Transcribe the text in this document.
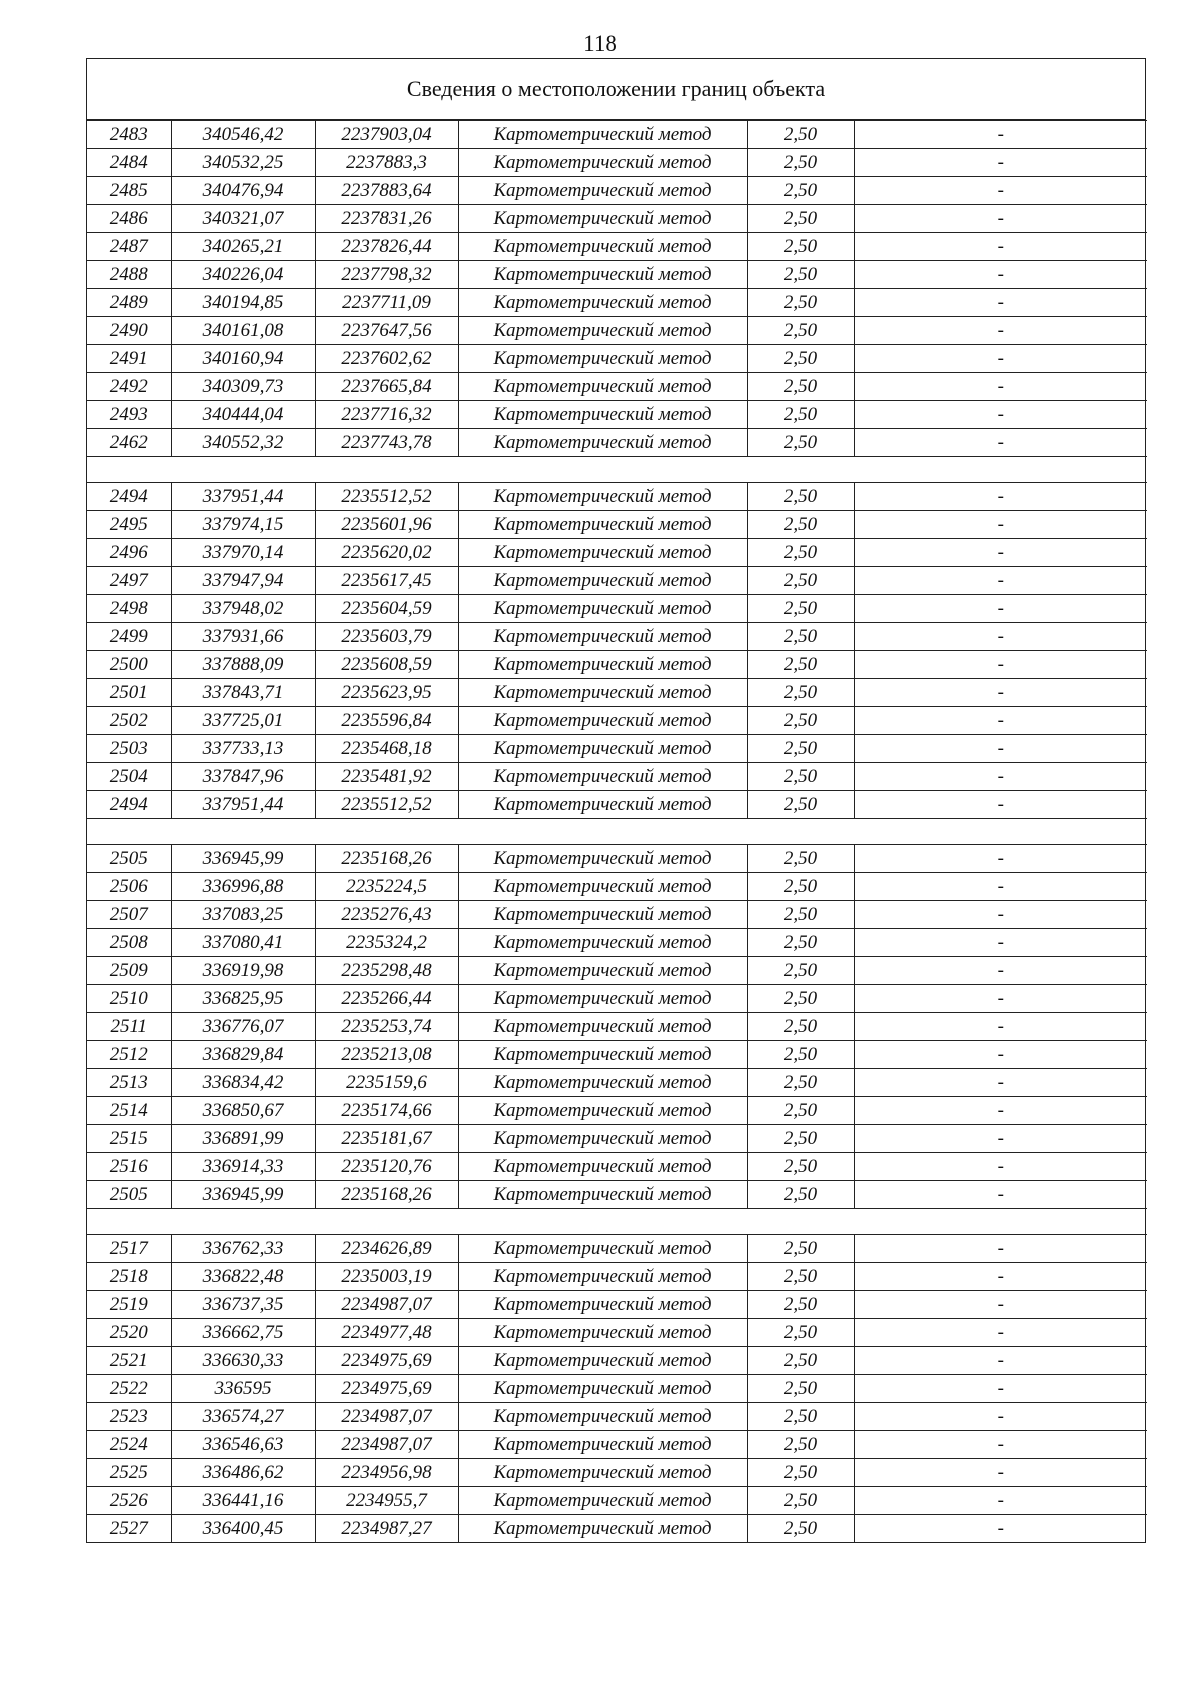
118
Сведения о местоположении границ объекта
2483	340546,42	2237903,04	Картометрический метод	2,50	-
2484	340532,25	2237883,3	Картометрический метод	2,50	-
2485	340476,94	2237883,64	Картометрический метод	2,50	-
2486	340321,07	2237831,26	Картометрический метод	2,50	-
2487	340265,21	2237826,44	Картометрический метод	2,50	-
2488	340226,04	2237798,32	Картометрический метод	2,50	-
2489	340194,85	2237711,09	Картометрический метод	2,50	-
2490	340161,08	2237647,56	Картометрический метод	2,50	-
2491	340160,94	2237602,62	Картометрический метод	2,50	-
2492	340309,73	2237665,84	Картометрический метод	2,50	-
2493	340444,04	2237716,32	Картометрический метод	2,50	-
2462	340552,32	2237743,78	Картометрический метод	2,50	-

2494	337951,44	2235512,52	Картометрический метод	2,50	-
2495	337974,15	2235601,96	Картометрический метод	2,50	-
2496	337970,14	2235620,02	Картометрический метод	2,50	-
2497	337947,94	2235617,45	Картометрический метод	2,50	-
2498	337948,02	2235604,59	Картометрический метод	2,50	-
2499	337931,66	2235603,79	Картометрический метод	2,50	-
2500	337888,09	2235608,59	Картометрический метод	2,50	-
2501	337843,71	2235623,95	Картометрический метод	2,50	-
2502	337725,01	2235596,84	Картометрический метод	2,50	-
2503	337733,13	2235468,18	Картометрический метод	2,50	-
2504	337847,96	2235481,92	Картометрический метод	2,50	-
2494	337951,44	2235512,52	Картометрический метод	2,50	-

2505	336945,99	2235168,26	Картометрический метод	2,50	-
2506	336996,88	2235224,5	Картометрический метод	2,50	-
2507	337083,25	2235276,43	Картометрический метод	2,50	-
2508	337080,41	2235324,2	Картометрический метод	2,50	-
2509	336919,98	2235298,48	Картометрический метод	2,50	-
2510	336825,95	2235266,44	Картометрический метод	2,50	-
2511	336776,07	2235253,74	Картометрический метод	2,50	-
2512	336829,84	2235213,08	Картометрический метод	2,50	-
2513	336834,42	2235159,6	Картометрический метод	2,50	-
2514	336850,67	2235174,66	Картометрический метод	2,50	-
2515	336891,99	2235181,67	Картометрический метод	2,50	-
2516	336914,33	2235120,76	Картометрический метод	2,50	-
2505	336945,99	2235168,26	Картометрический метод	2,50	-

2517	336762,33	2234626,89	Картометрический метод	2,50	-
2518	336822,48	2235003,19	Картометрический метод	2,50	-
2519	336737,35	2234987,07	Картометрический метод	2,50	-
2520	336662,75	2234977,48	Картометрический метод	2,50	-
2521	336630,33	2234975,69	Картометрический метод	2,50	-
2522	336595	2234975,69	Картометрический метод	2,50	-
2523	336574,27	2234987,07	Картометрический метод	2,50	-
2524	336546,63	2234987,07	Картометрический метод	2,50	-
2525	336486,62	2234956,98	Картометрический метод	2,50	-
2526	336441,16	2234955,7	Картометрический метод	2,50	-
2527	336400,45	2234987,27	Картометрический метод	2,50	-
